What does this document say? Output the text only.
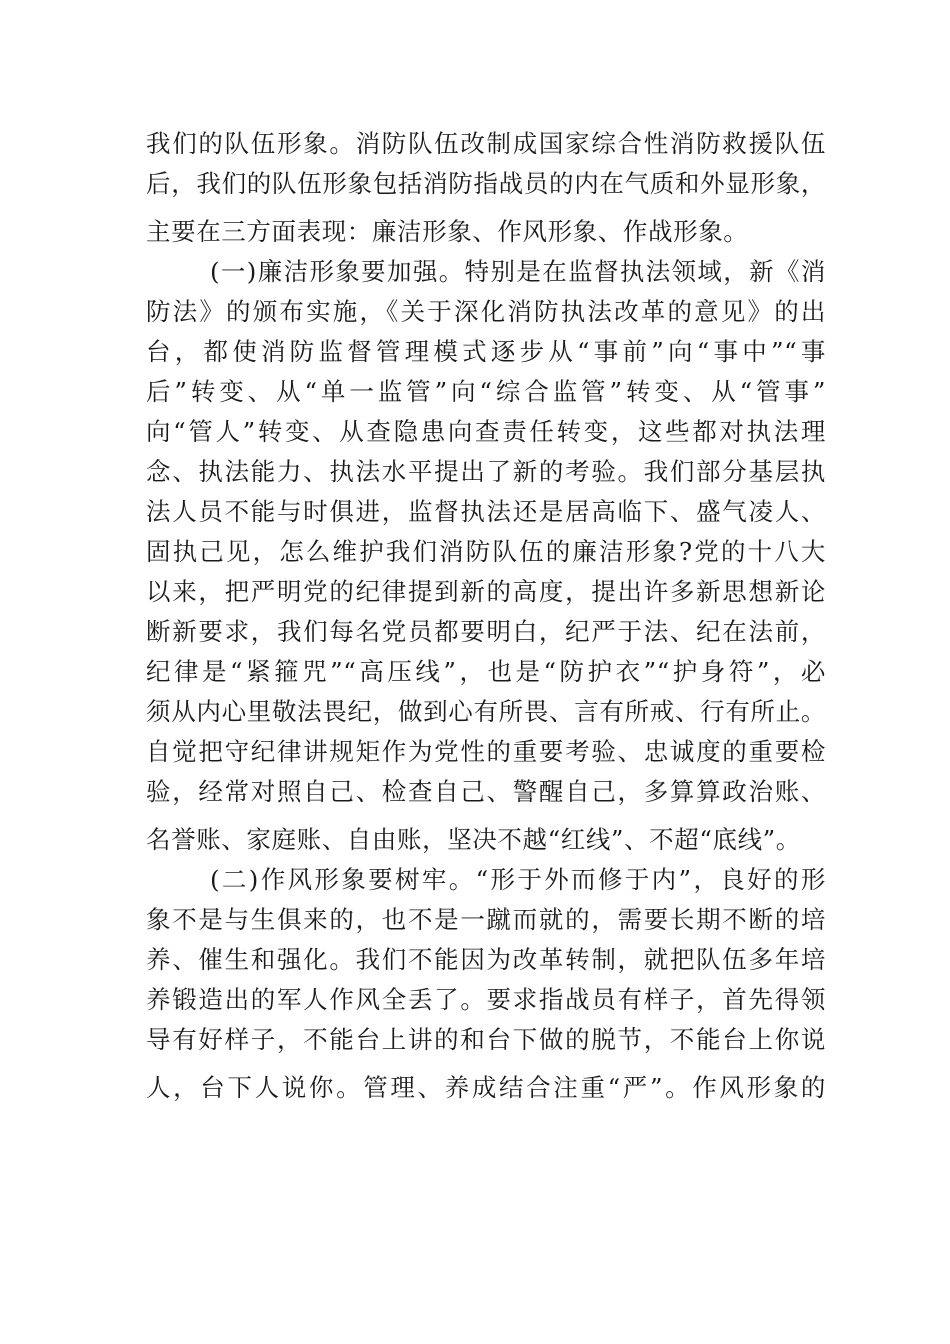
我们的队伍形象。消防队伍改制成国家综合性消防救援队伍
后，我们的队伍形象包括消防指战员的内在气质和外显形象，
主要在三方面表现：廉洁形象、作风形象、作战形象。
(一)廉洁形象要加强。特别是在监督执法领域，新《消
防法》的颁布实施，《关于深化消防执法改革的意见》的出
台，都使消防监督管理模式逐步从“事前”向“事中”“事
后”转变、从“单一监管”向“综合监管”转变、从“管事”
向“管人”转变、从查隐患向查责任转变，这些都对执法理
念、执法能力、执法水平提出了新的考验。我们部分基层执
法人员不能与时俱进，监督执法还是居高临下、盛气凌人、
固执己见，怎么维护我们消防队伍的廉洁形象?党的十八大
以来，把严明党的纪律提到新的高度，提出许多新思想新论
断新要求，我们每名党员都要明白，纪严于法、纪在法前，
纪律是“紧箍咒”“高压线”，也是“防护衣”“护身符”，必
须从内心里敬法畏纪，做到心有所畏、言有所戒、行有所止。
自觉把守纪律讲规矩作为党性的重要考验、忠诚度的重要检
验，经常对照自己、检查自己、警醒自己，多算算政治账、
名誉账、家庭账、自由账，坚决不越“红线”、不超“底线”。
(二)作风形象要树牢。“形于外而修于内”，良好的形
象不是与生俱来的，也不是一蹴而就的，需要长期不断的培
养、催生和强化。我们不能因为改革转制，就把队伍多年培
养锻造出的军人作风全丢了。要求指战员有样子，首先得领
导有好样子，不能台上讲的和台下做的脱节，不能台上你说
人，台下人说你。管理、养成结合注重“严”。作风形象的
